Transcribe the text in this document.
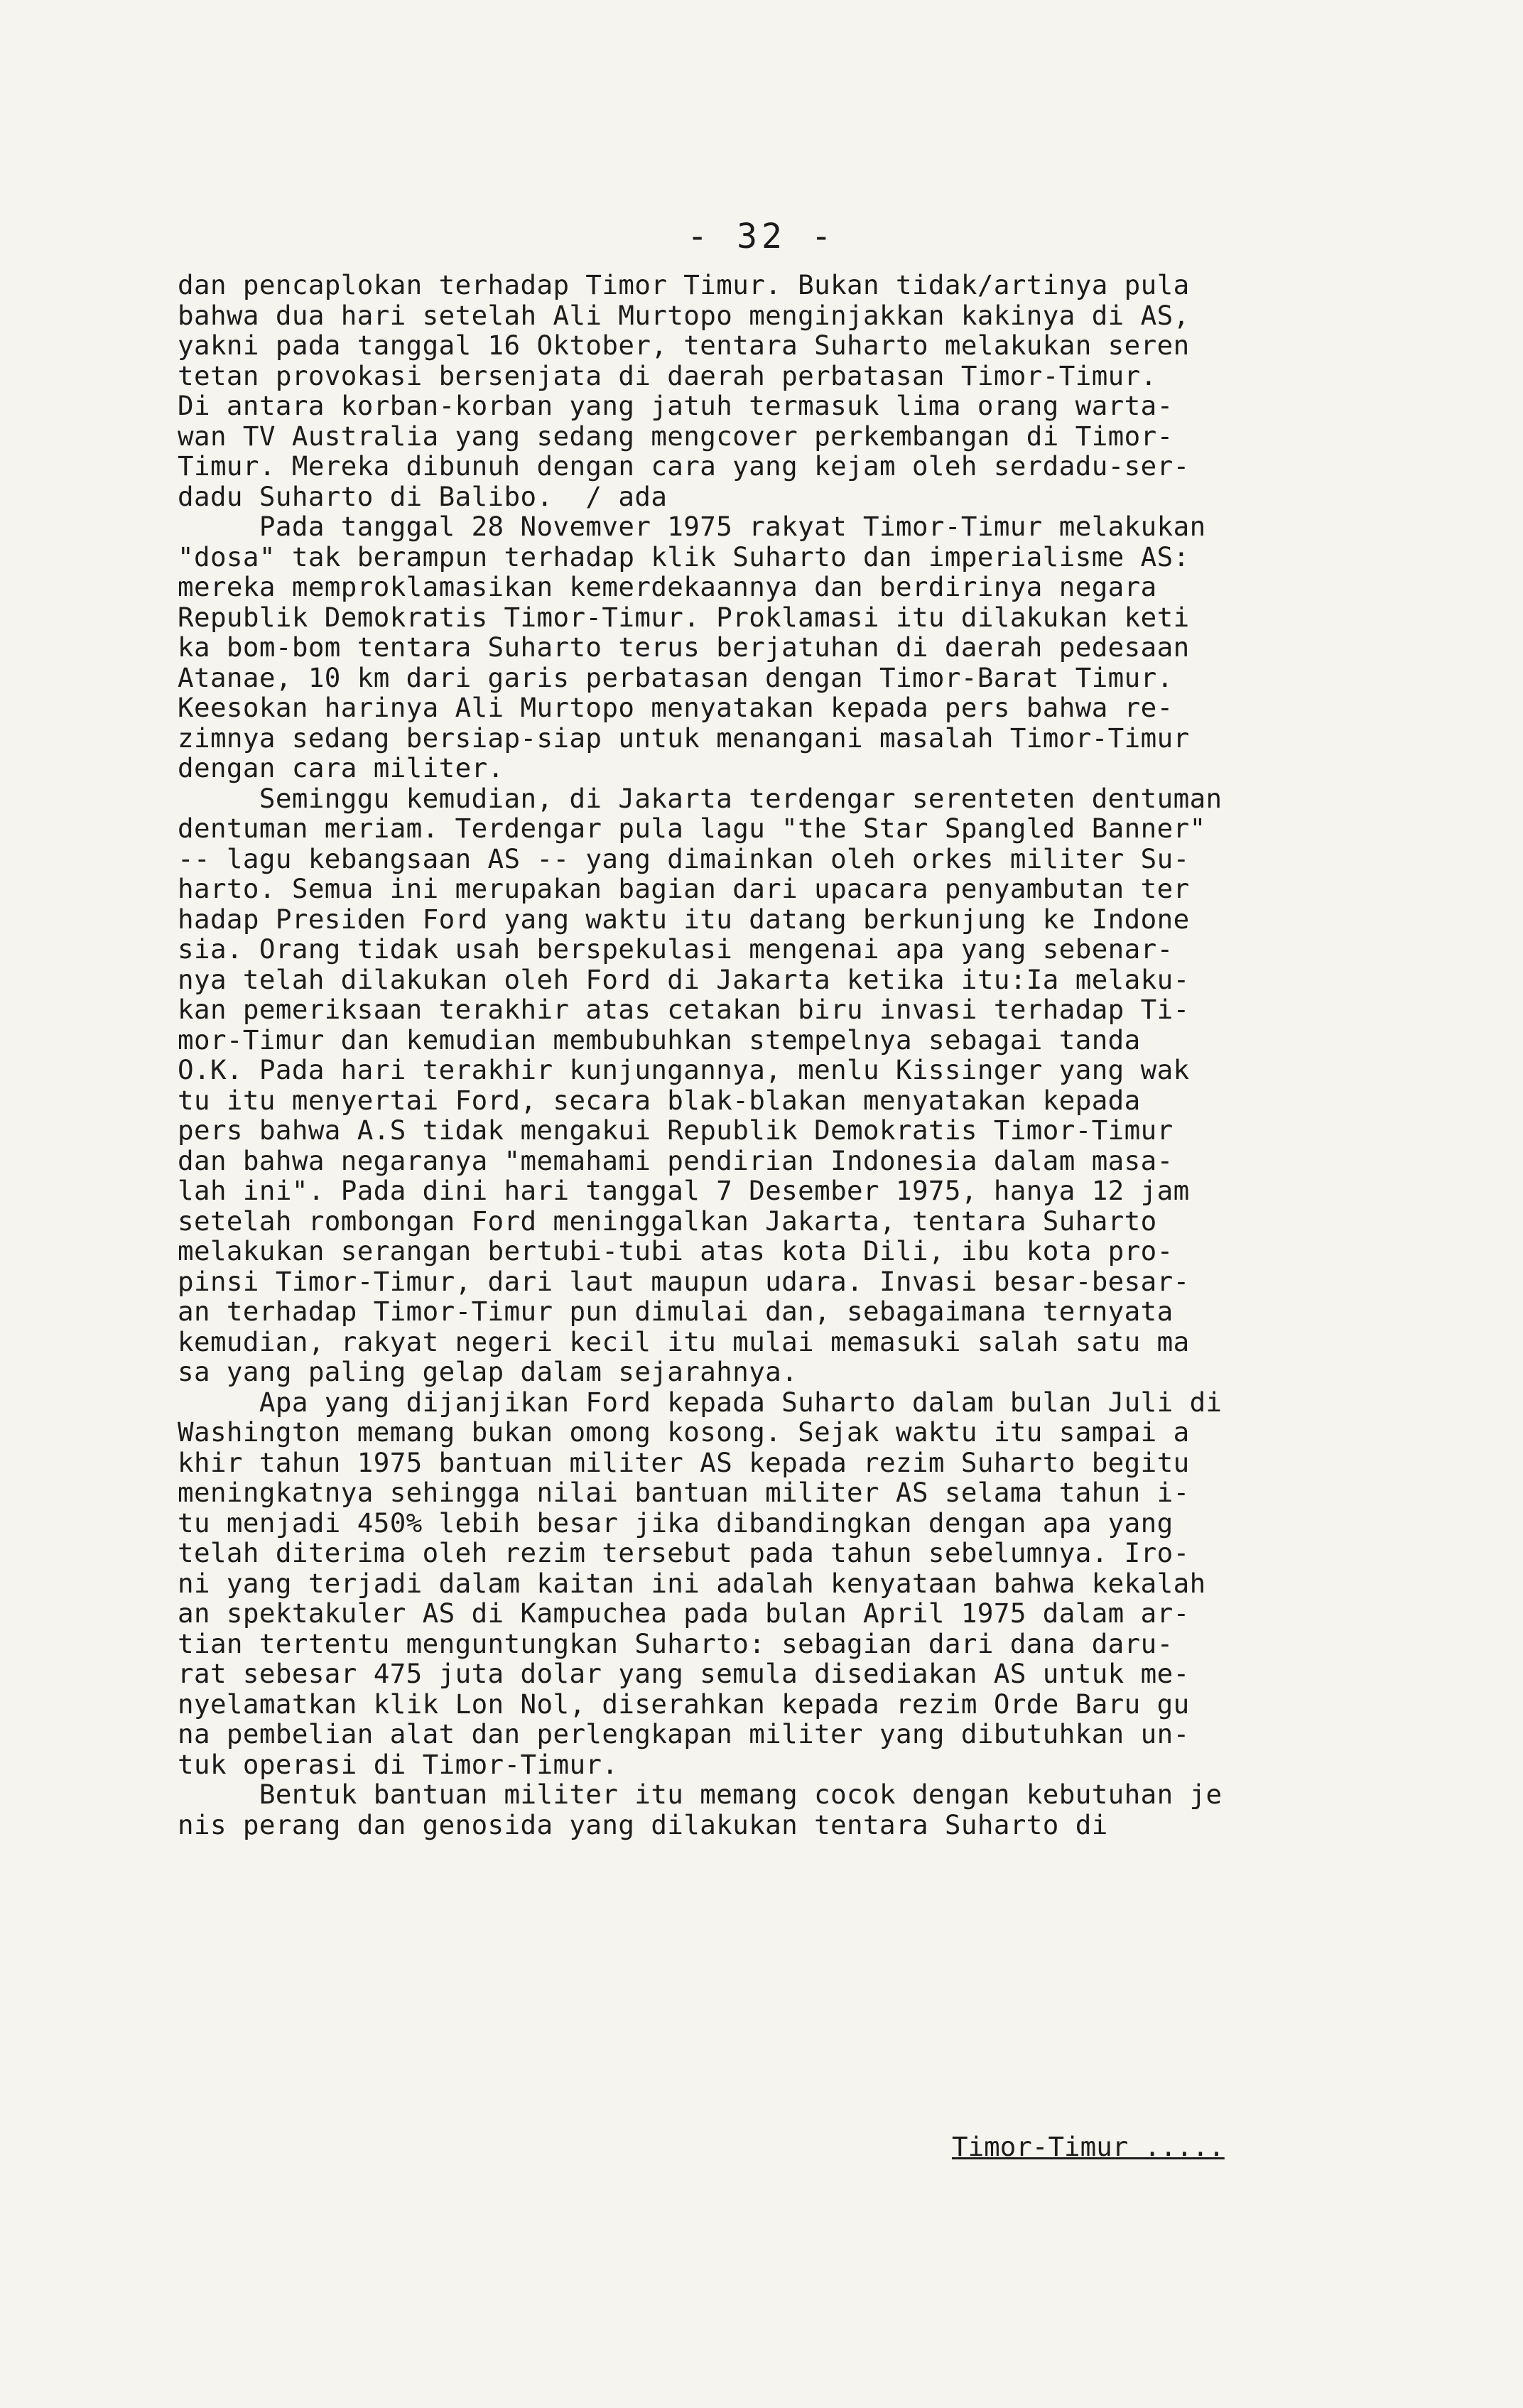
- 32 -
dan pencaplokan terhadap Timor Timur. Bukan tidak/artinya pula
bahwa dua hari setelah Ali Murtopo menginjakkan kakinya di AS,
yakni pada tanggal 16 Oktober, tentara Suharto melakukan seren
tetan provokasi bersenjata di daerah perbatasan Timor-Timur.
Di antara korban-korban yang jatuh termasuk lima orang warta-
wan TV Australia yang sedang mengcover perkembangan di Timor-
Timur. Mereka dibunuh dengan cara yang kejam oleh serdadu-ser-
dadu Suharto di Balibo.  / ada
Pada tanggal 28 Novemver 1975 rakyat Timor-Timur melakukan
"dosa" tak berampun terhadap klik Suharto dan imperialisme AS:
mereka memproklamasikan kemerdekaannya dan berdirinya negara
Republik Demokratis Timor-Timur. Proklamasi itu dilakukan keti
ka bom-bom tentara Suharto terus berjatuhan di daerah pedesaan
Atanae, 10 km dari garis perbatasan dengan Timor-Barat Timur.
Keesokan harinya Ali Murtopo menyatakan kepada pers bahwa re-
zimnya sedang bersiap-siap untuk menangani masalah Timor-Timur
dengan cara militer.
Seminggu kemudian, di Jakarta terdengar serenteten dentuman
dentuman meriam. Terdengar pula lagu "the Star Spangled Banner"
-- lagu kebangsaan AS -- yang dimainkan oleh orkes militer Su-
harto. Semua ini merupakan bagian dari upacara penyambutan ter
hadap Presiden Ford yang waktu itu datang berkunjung ke Indone
sia. Orang tidak usah berspekulasi mengenai apa yang sebenar-
nya telah dilakukan oleh Ford di Jakarta ketika itu:Ia melaku-
kan pemeriksaan terakhir atas cetakan biru invasi terhadap Ti-
mor-Timur dan kemudian membubuhkan stempelnya sebagai tanda
O.K. Pada hari terakhir kunjungannya, menlu Kissinger yang wak
tu itu menyertai Ford, secara blak-blakan menyatakan kepada
pers bahwa A.S tidak mengakui Republik Demokratis Timor-Timur
dan bahwa negaranya "memahami pendirian Indonesia dalam masa-
lah ini". Pada dini hari tanggal 7 Desember 1975, hanya 12 jam
setelah rombongan Ford meninggalkan Jakarta, tentara Suharto
melakukan serangan bertubi-tubi atas kota Dili, ibu kota pro-
pinsi Timor-Timur, dari laut maupun udara. Invasi besar-besar-
an terhadap Timor-Timur pun dimulai dan, sebagaimana ternyata
kemudian, rakyat negeri kecil itu mulai memasuki salah satu ma
sa yang paling gelap dalam sejarahnya.
Apa yang dijanjikan Ford kepada Suharto dalam bulan Juli di
Washington memang bukan omong kosong. Sejak waktu itu sampai a
khir tahun 1975 bantuan militer AS kepada rezim Suharto begitu
meningkatnya sehingga nilai bantuan militer AS selama tahun i-
tu menjadi 450% lebih besar jika dibandingkan dengan apa yang
telah diterima oleh rezim tersebut pada tahun sebelumnya. Iro-
ni yang terjadi dalam kaitan ini adalah kenyataan bahwa kekalah
an spektakuler AS di Kampuchea pada bulan April 1975 dalam ar-
tian tertentu menguntungkan Suharto: sebagian dari dana daru-
rat sebesar 475 juta dolar yang semula disediakan AS untuk me-
nyelamatkan klik Lon Nol, diserahkan kepada rezim Orde Baru gu
na pembelian alat dan perlengkapan militer yang dibutuhkan un-
tuk operasi di Timor-Timur.
Bentuk bantuan militer itu memang cocok dengan kebutuhan je
nis perang dan genosida yang dilakukan tentara Suharto di
Timor-Timur .....
